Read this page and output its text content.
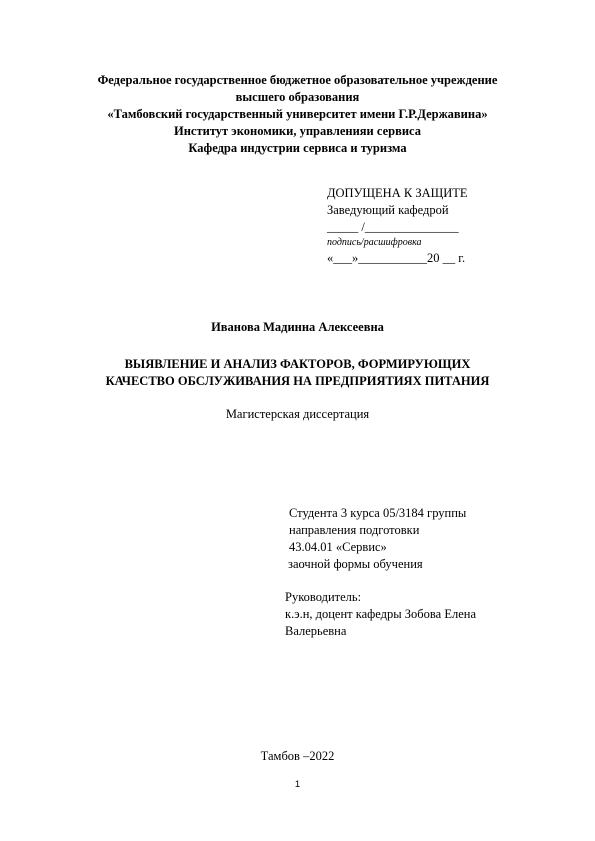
Федеральное государственное бюджетное образовательное учреждение
высшего образования
«Тамбовский государственный университет имени Г.Р.Державина»
Институт экономики, управленияи сервиса
Кафедра индустрии сервиса и туризма
ДОПУЩЕНА К ЗАЩИТЕ
Заведующий кафедрой
_____ /_______________
подпись/расшифровка
«___»___________20 __ г.
Иванова Мадинна Алексеевна
ВЫЯВЛЕНИЕ И АНАЛИЗ ФАКТОРОВ, ФОРМИРУЮЩИХ
КАЧЕСТВО ОБСЛУЖИВАНИЯ НА ПРЕДПРИЯТИЯХ ПИТАНИЯ
Магистерская диссертация
Студента 3 курса 05/3184 группы
направления подготовки
43.04.01 «Сервис»
заочной формы обучения
Руководитель:
к.э.н, доцент кафедры Зобова Елена
Валерьевна
Тамбов –2022
1
